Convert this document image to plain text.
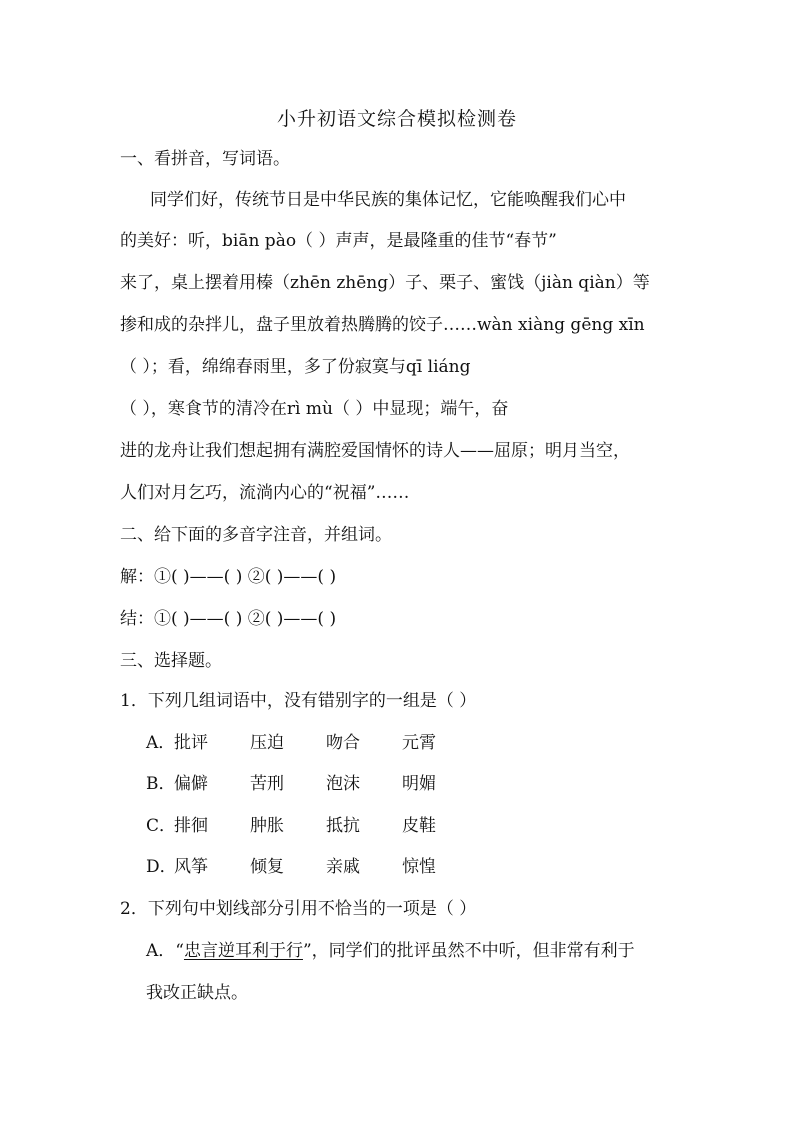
小升初语文综合模拟检测卷
一、看拼音，写词语。
同学们好，传统节日是中华民族的集体记忆，它能唤醒我们心中
的美好：听，biān pào（ ）声声，是最隆重的佳节“春节”
来了，桌上摆着用榛（zhēn zhēng）子、栗子、蜜饯（jiàn qiàn）等
掺和成的杂拌儿，盘子里放着热腾腾的饺子……wàn xiàng gēng xīn
（ ）；看，绵绵春雨里，多了份寂寞与qī liáng
（ ），寒食节的清冷在rì mù（ ）中显现；端午，奋
进的龙舟让我们想起拥有满腔爱国情怀的诗人——屈原；明月当空，
人们对月乞巧，流淌内心的“祝福”……
二、给下面的多音字注音，并组词。
解：①( )——( ) ②( )——( )
结：①( )——( ) ②( )——( )
三、选择题。
1．下列几组词语中，没有错别字的一组是（ ）
A．批评 压迫 吻合 元霄
B．偏僻 苦刑 泡沫 明媚
C．排徊 肿胀 抵抗 皮鞋
D．风筝 倾复 亲戚 惊惶
2．下列句中划线部分引用不恰当的一项是（ ）
A．“忠言逆耳利于行”，同学们的批评虽然不中听，但非常有利于
我改正缺点。
